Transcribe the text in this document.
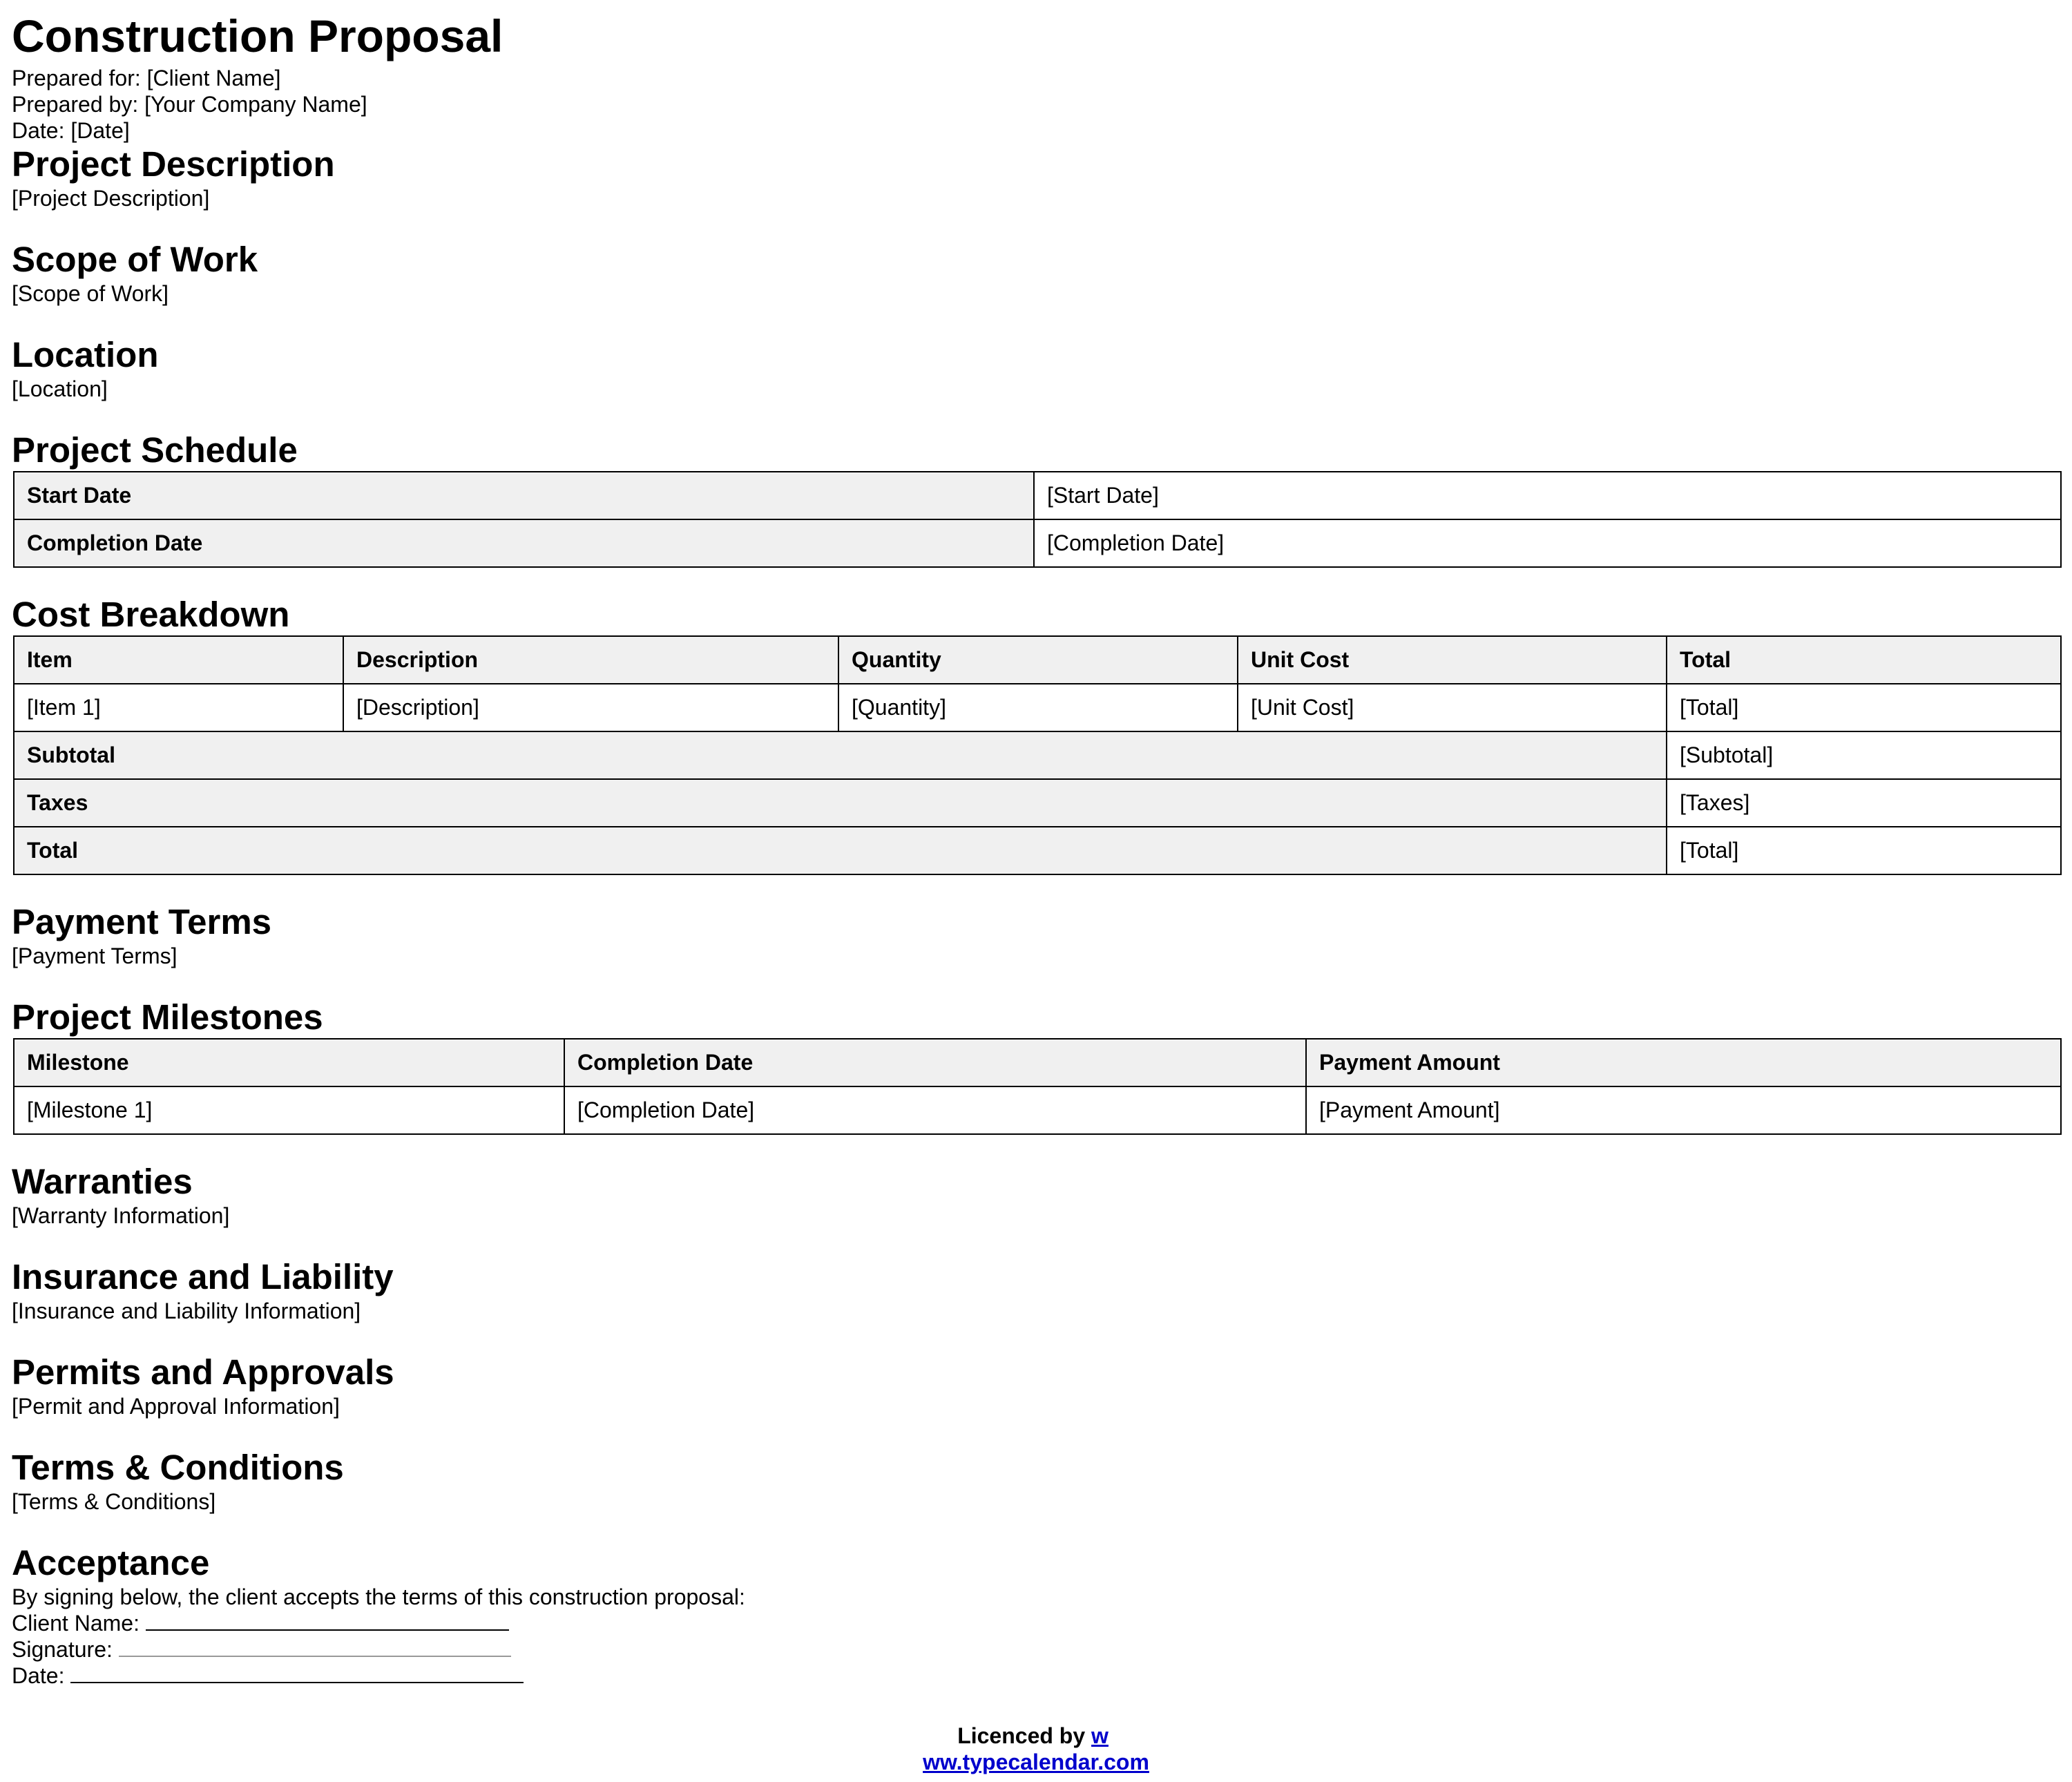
Construction Proposal
Prepared for: [Client Name]
Prepared by: [Your Company Name]
Date: [Date]
Project Description
[Project Description]
Scope of Work
[Scope of Work]
Location
[Location]
Project Schedule
Start Date	[Start Date]
Completion Date	[Completion Date]
Cost Breakdown
Item	Description	Quantity	Unit Cost	Total
[Item 1]	[Description]	[Quantity]	[Unit Cost]	[Total]
Subtotal				[Subtotal]
Taxes				[Taxes]
Total				[Total]
Payment Terms
[Payment Terms]
Project Milestones
Milestone	Completion Date	Payment Amount
[Milestone 1]	[Completion Date]	[Payment Amount]
Warranties
[Warranty Information]
Insurance and Liability
[Insurance and Liability Information]
Permits and Approvals
[Permit and Approval Information]
Terms & Conditions
[Terms & Conditions]
Acceptance
By signing below, the client accepts the terms of this construction proposal:
Client Name:
Signature:
Date:
Licenced by w
ww.typecalendar.com
